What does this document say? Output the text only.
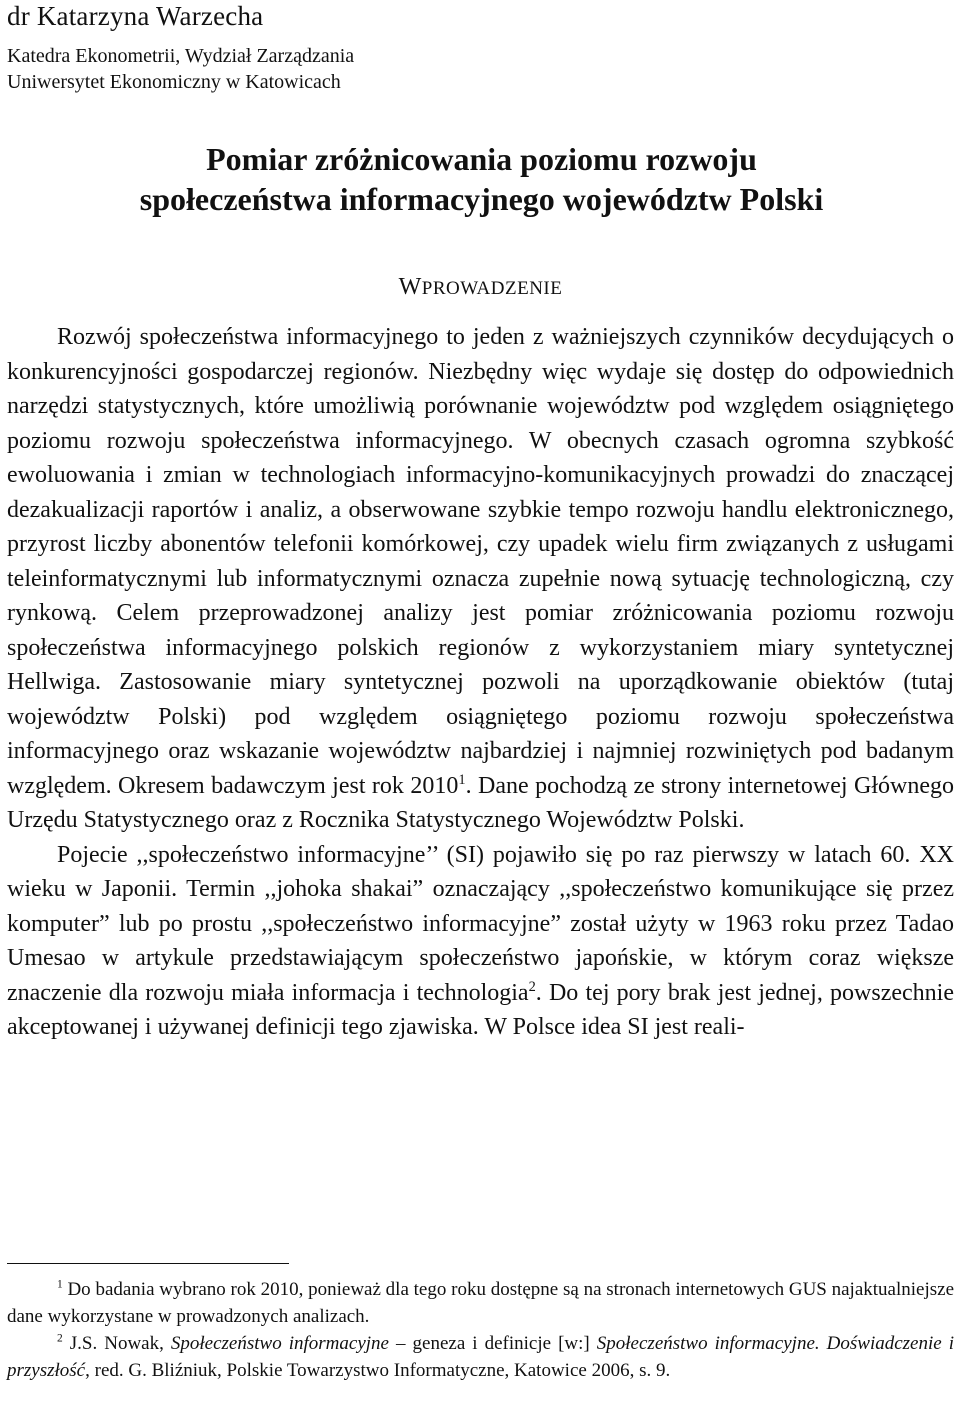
dr Katarzyna Warzecha
Katedra Ekonometrii, Wydział Zarządzania
Uniwersytet Ekonomiczny w Katowicach
Pomiar zróżnicowania poziomu rozwoju
społeczeństwa informacyjnego województw Polski
WPROWADZENIE

Rozwój społeczeństwa informacyjnego to jeden z ważniejszych czynników decydujących o konkurencyjności gospodarczej regionów. Niezbędny więc wydaje się dostęp do odpowiednich narzędzi statystycznych, które umożliwią porównanie województw pod względem osiągniętego poziomu rozwoju społeczeństwa informacyjnego. W obecnych czasach ogromna szybkość ewoluowania i zmian w technologiach informacyjno-komunikacyjnych prowadzi do znaczącej dezakualizacji raportów i analiz, a obserwowane szybkie tempo rozwoju handlu elektronicznego, przyrost liczby abonentów telefonii komórkowej, czy upadek wielu firm związanych z usługami teleinformatycznymi lub informatycznymi oznacza zupełnie nową sytuację technologiczną, czy rynkową. Celem przeprowadzonej analizy jest pomiar zróżnicowania poziomu rozwoju społeczeństwa informacyjnego polskich regionów z wykorzystaniem miary syntetycznej Hellwiga. Zastosowanie miary syntetycznej pozwoli na uporządkowanie obiektów (tutaj województw Polski) pod względem osiągniętego poziomu rozwoju społeczeństwa informacyjnego oraz wskazanie województw najbardziej i najmniej rozwiniętych pod badanym względem. Okresem badawczym jest rok 2010$^1$. Dane pochodzą ze strony internetowej Głównego Urzędu Statystycznego oraz z Rocznika Statystycznego Województw Polski.

Pojecie ,,społeczeństwo informacyjne’’ (SI) pojawiło się po raz pierwszy w latach 60. XX wieku w Japonii. Termin ,,johoka shakai” oznaczający ,,społeczeństwo komunikujące się przez komputer” lub po prostu ,,społeczeństwo informacyjne” został użyty w 1963 roku przez Tadao Umesao w artykule przedstawiającym społeczeństwo japońskie, w którym coraz większe znaczenie dla rozwoju miała informacja i technologia$^2$. Do tej pory brak jest jednej, powszechnie akceptowanej i używanej definicji tego zjawiska. W Polsce idea SI jest reali-

$^1$ Do badania wybrano rok 2010, ponieważ dla tego roku dostępne są na stronach internetowych GUS najaktualniejsze dane wykorzystane w prowadzonych analizach.

$^2$ J.S. Nowak, Społeczeństwo informacyjne – geneza i definicje [w:] Społeczeństwo informacyjne. Doświadczenie i przyszłość, red. G. Bliźniuk, Polskie Towarzystwo Informatyczne, Katowice 2006, s. 9.
